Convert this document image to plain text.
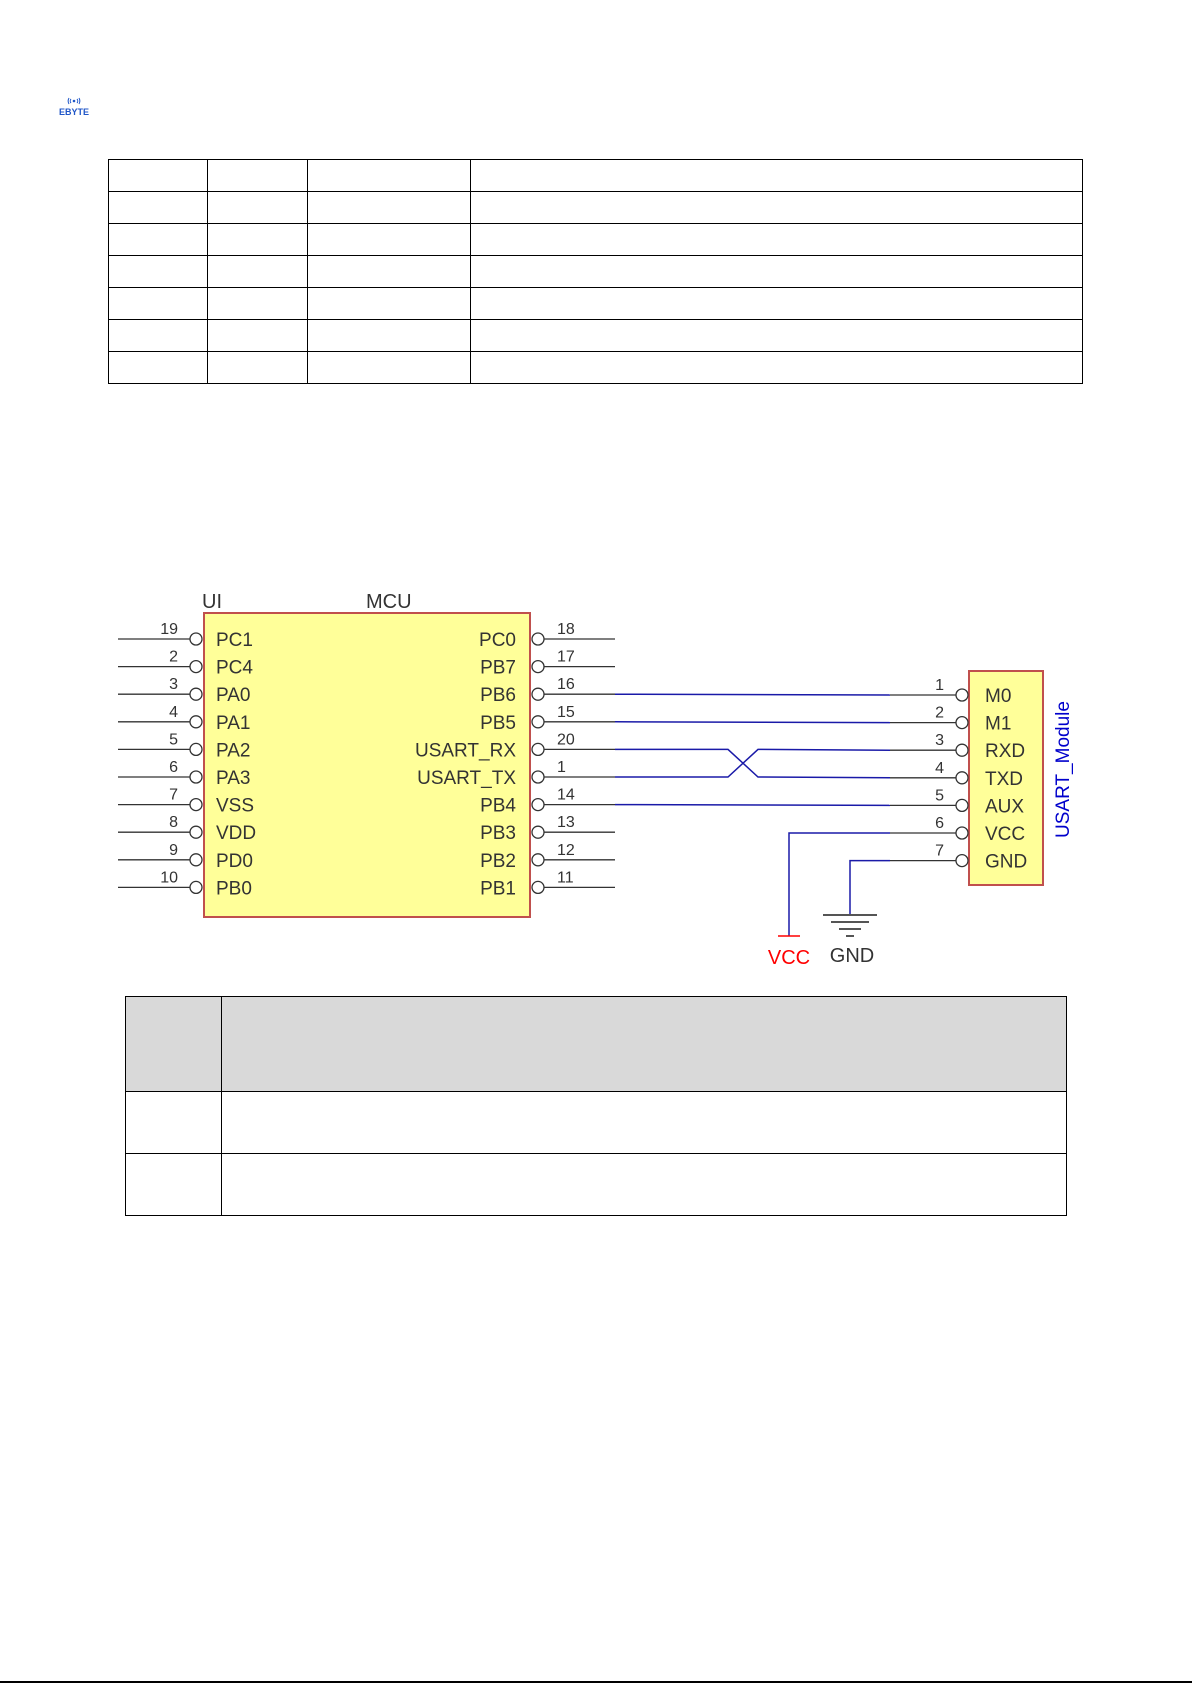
EBYTE

UI	MCU
USART_Module
19
PC1
2
PC4
3
PA0
4
PA1
5
PA2
6
PA3
7
VSS
8
VDD
9
PD0
10
PB0
18
PC0
17
PB7
16
PB6
15
PB5
20
USART_RX
1
USART_TX
14
PB4
13
PB3
12
PB2
11
PB1
1
M0
2
M1
3
RXD
4
TXD
5
AUX
6
VCC
7
GND
VCC GND
